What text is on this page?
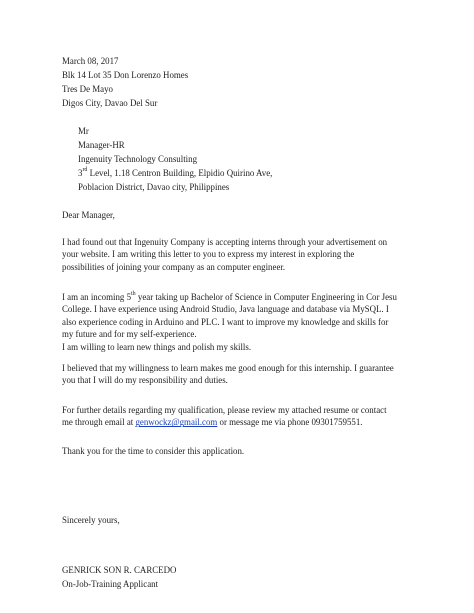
March 08, 2017
Blk 14 Lot 35 Don Lorenzo Homes
Tres De Mayo
Digos City, Davao Del Sur
Mr
Manager-HR
Ingenuity Technology Consulting
3rd Level, 1.18 Centron Building, Elpidio Quirino Ave,
Poblacion District, Davao city, Philippines
Dear Manager,
I had found out that Ingenuity Company is accepting interns through your advertisement on
your website. I am writing this letter to you to express my interest in exploring the
possibilities of joining your company as an computer engineer.
I am an incoming 5th year taking up Bachelor of Science in Computer Engineering in Cor Jesu
College. I have experience using Android Studio, Java language and database via MySQL. I
also experience coding in Arduino and PLC. I want to improve my knowledge and skills for
my future and for my self-experience.
I am willing to learn new things and polish my skills.
I believed that my willingness to learn makes me good enough for this internship. I guarantee
you that I will do my responsibility and duties.
For further details regarding my qualification, please review my attached resume or contact
me through email at genwockz@gmail.com or message me via phone 09301759551.
Thank you for the time to consider this application.
Sincerely yours,
GENRICK SON R. CARCEDO
On-Job-Training Applicant
